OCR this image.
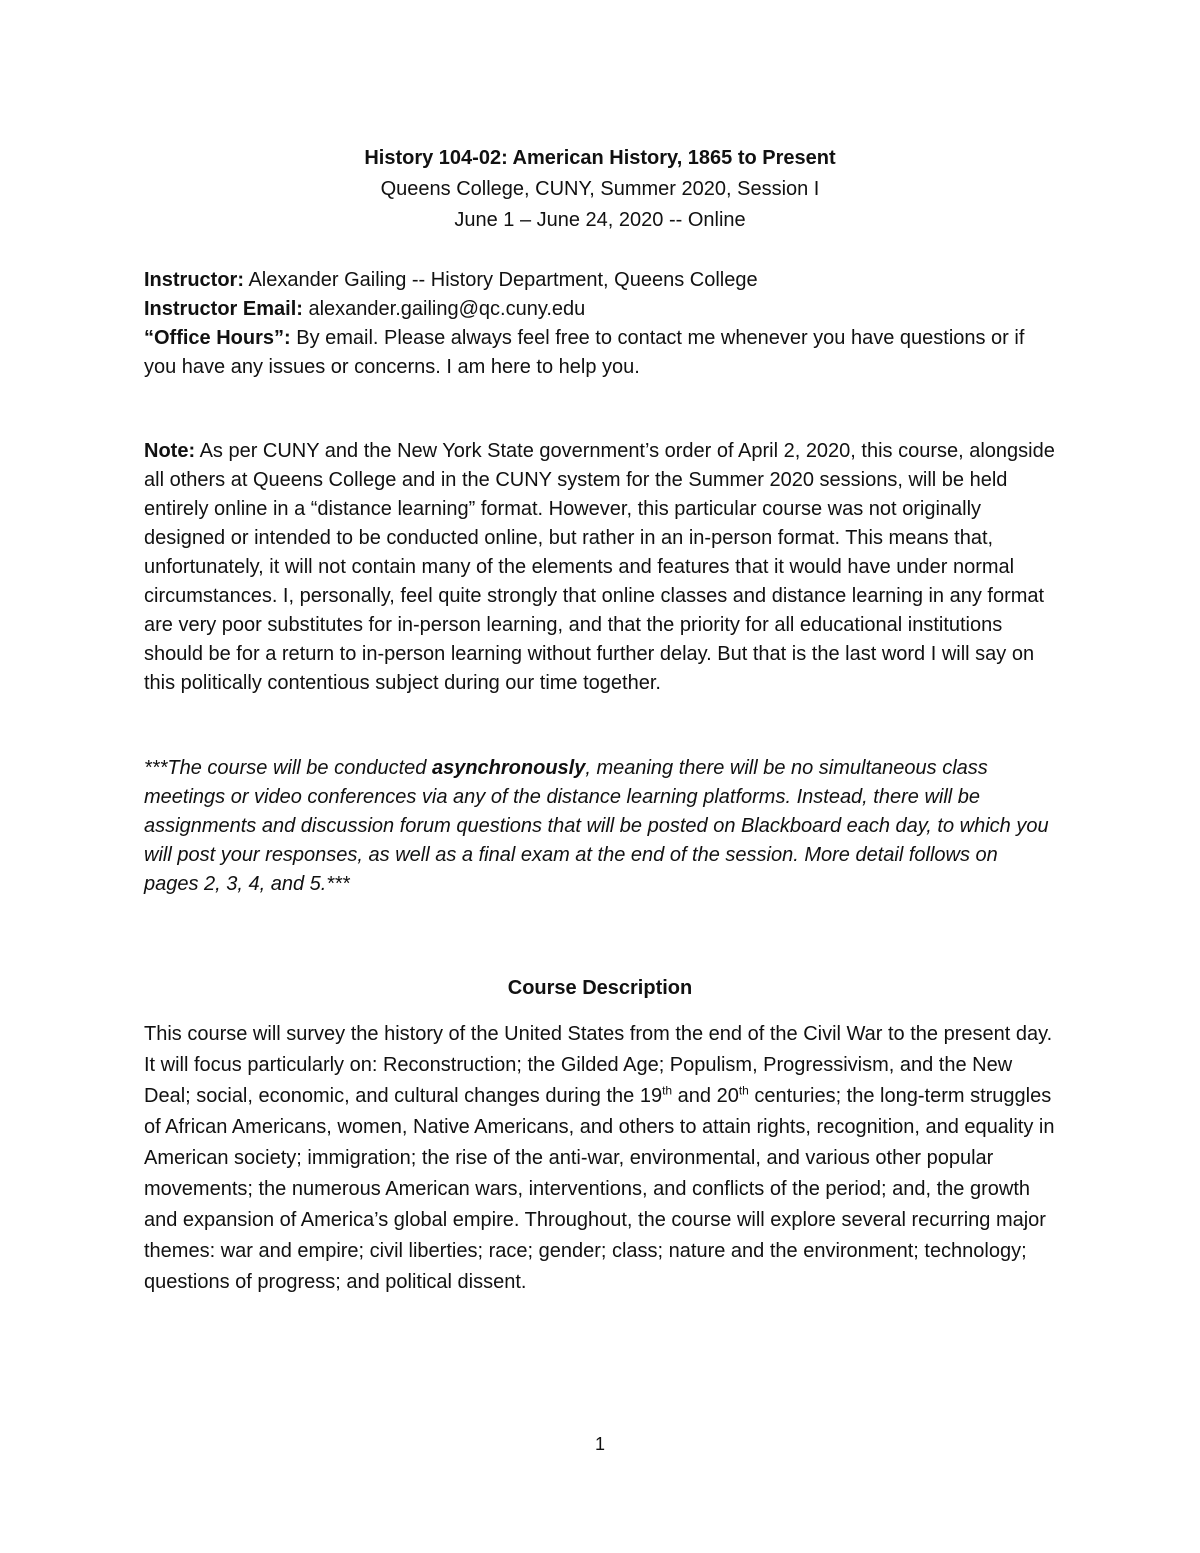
History 104-02: American History, 1865 to Present
Queens College, CUNY, Summer 2020, Session I
June 1 – June 24, 2020 -- Online

Instructor: Alexander Gailing -- History Department, Queens College

Instructor Email: alexander.gailing@qc.cuny.edu

“Office Hours”: By email. Please always feel free to contact me whenever you have questions or if you have any issues or concerns. I am here to help you.

Note: As per CUNY and the New York State government’s order of April 2, 2020, this course, alongside all others at Queens College and in the CUNY system for the Summer 2020 sessions, will be held entirely online in a “distance learning” format. However, this particular course was not originally designed or intended to be conducted online, but rather in an in-person format. This means that, unfortunately, it will not contain many of the elements and features that it would have under normal circumstances. I, personally, feel quite strongly that online classes and distance learning in any format are very poor substitutes for in-person learning, and that the priority for all educational institutions should be for a return to in-person learning without further delay. But that is the last word I will say on this politically contentious subject during our time together.

***The course will be conducted asynchronously, meaning there will be no simultaneous class meetings or video conferences via any of the distance learning platforms. Instead, there will be assignments and discussion forum questions that will be posted on Blackboard each day, to which you will post your responses, as well as a final exam at the end of the session. More detail follows on pages 2, 3, 4, and 5.***

Course Description

This course will survey the history of the United States from the end of the Civil War to the present day. It will focus particularly on: Reconstruction; the Gilded Age; Populism, Progressivism, and the New Deal; social, economic, and cultural changes during the 19th and 20th centuries; the long-term struggles of African Americans, women, Native Americans, and others to attain rights, recognition, and equality in American society; immigration; the rise of the anti-war, environmental, and various other popular movements; the numerous American wars, interventions, and conflicts of the period; and, the growth and expansion of America’s global empire. Throughout, the course will explore several recurring major themes: war and empire; civil liberties; race; gender; class; nature and the environment; technology; questions of progress; and political dissent.

1
